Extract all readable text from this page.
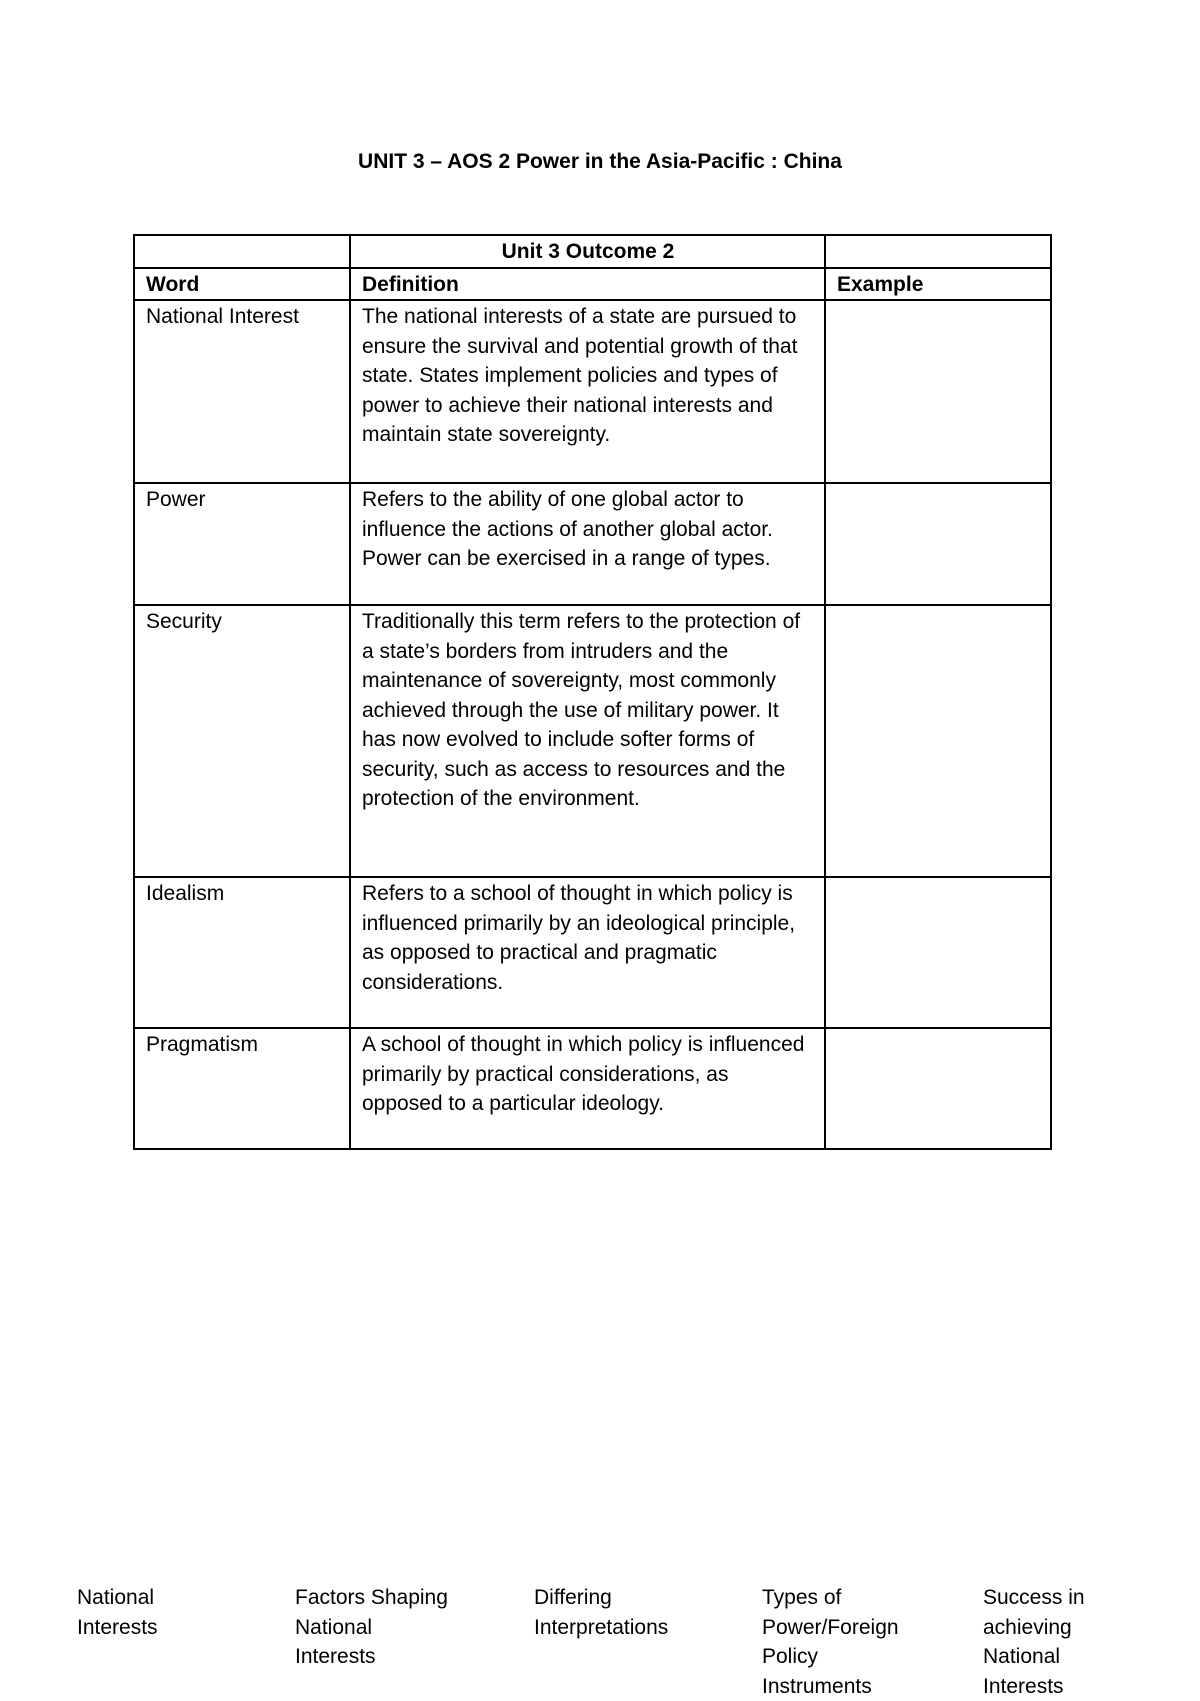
UNIT 3 – AOS 2 Power in the Asia-Pacific : China
	Unit 3 Outcome 2	
Word	Definition	Example
National Interest	The national interests of a state are pursued to ensure the survival and potential growth of that state. States implement policies and types of power to achieve their national interests and maintain state sovereignty.	
Power	Refers to the ability of one global actor to influence the actions of another global actor. Power can be exercised in a range of types.	
Security	Traditionally this term refers to the protection of a state’s borders from intruders and the maintenance of sovereignty, most commonly achieved through the use of military power. It has now evolved to include softer forms of security, such as access to resources and the protection of the environment.	
Idealism	Refers to a school of thought in which policy is influenced primarily by an ideological principle, as opposed to practical and pragmatic considerations.	
Pragmatism	A school of thought in which policy is influenced primarily by practical considerations, as opposed to a particular ideology.	
National
Interests
Factors Shaping
National
Interests
Differing
Interpretations
Types of
Power/Foreign
Policy
Instruments
Success in
achieving
National
Interests
